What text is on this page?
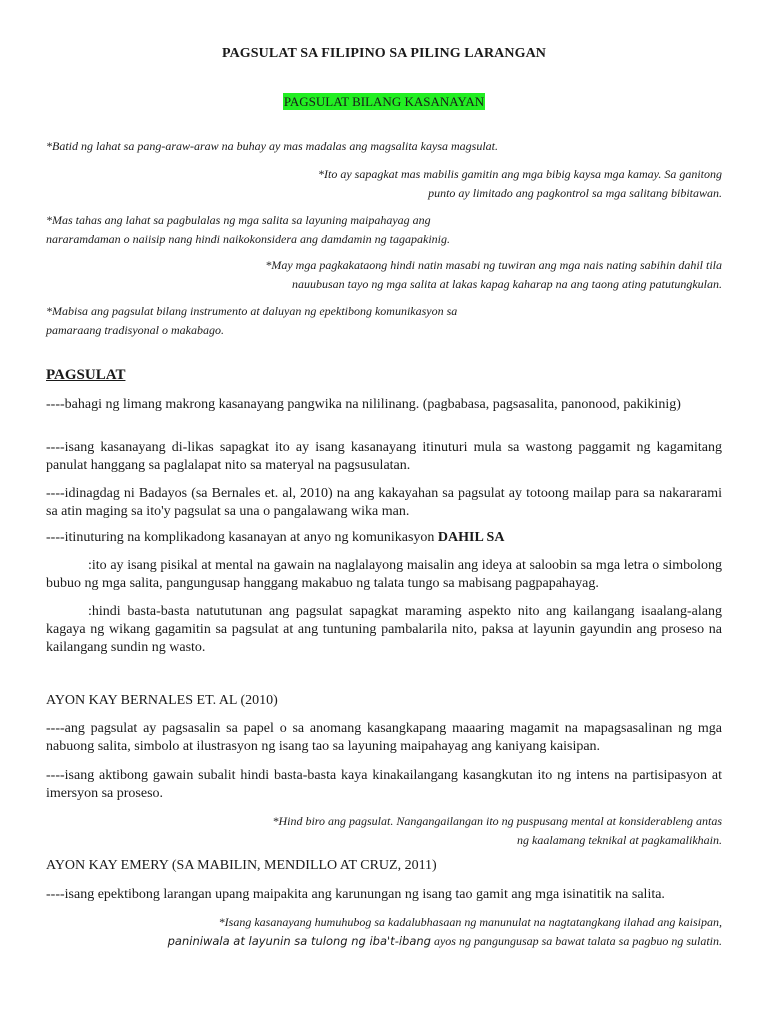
PAGSULAT SA FILIPINO SA PILING LARANGAN

PAGSULAT BILANG KASANAYAN

*Batid ng lahat sa pang-araw-araw na buhay ay mas madalas ang magsalita kaysa magsulat.

*Ito ay sapagkat mas mabilis gamitin ang mga bibig kaysa mga kamay. Sa ganitong
punto ay limitado ang pagkontrol sa mga salitang bibitawan.
*Mas tahas ang lahat sa pagbulalas ng mga salita sa layuning maipahayag ang
nararamdaman o naiisip nang hindi naikokonsidera ang damdamin ng tagapakinig.
*May mga pagkakataong hindi natin masabi ng tuwiran ang mga nais nating sabihin dahil tila
nauubusan tayo ng mga salita at lakas kapag kaharap na ang taong ating patutungkulan.
*Mabisa ang pagsulat bilang instrumento at daluyan ng epektibong komunikasyon sa
pamaraang tradisyonal o makabago.

PAGSULAT

----bahagi ng limang makrong kasanayang pangwika na nililinang. (pagbabasa, pagsasalita, panonood, pakikinig)

----isang kasanayang di-likas sapagkat ito ay isang kasanayang itinuturi mula sa wastong paggamit ng kagamitang panulat hanggang sa paglalapat nito sa materyal na pagsusulatan.

----idinagdag ni Badayos (sa Bernales et. al, 2010) na ang kakayahan sa pagsulat ay totoong mailap para sa nakararami sa atin maging sa ito'y pagsulat sa una o pangalawang wika man.

----itinuturing na komplikadong kasanayan at anyo ng komunikasyon DAHIL SA

:ito ay isang pisikal at mental na gawain na naglalayong maisalin ang ideya at saloobin sa mga letra o simbolong bubuo ng mga salita, pangungusap hanggang makabuo ng talata tungo sa mabisang pagpapahayag.

:hindi basta-basta natututunan ang pagsulat sapagkat maraming aspekto nito ang kailangang isaalang-alang kagaya ng wikang gagamitin sa pagsulat at ang tuntuning pambalarila nito, paksa at layunin gayundin ang proseso na kailangang sundin ng wasto.

AYON KAY BERNALES ET. AL (2010)

----ang pagsulat ay pagsasalin sa papel o sa anomang kasangkapang maaaring magamit na mapagsasalinan ng mga nabuong salita, simbolo at ilustrasyon ng isang tao sa layuning maipahayag ang kaniyang kaisipan.

----isang aktibong gawain subalit hindi basta-basta kaya kinakailangang kasangkutan ito ng intens na partisipasyon at imersyon sa proseso.

*Hind biro ang pagsulat. Nangangailangan ito ng puspusang mental at konsiderableng antas
ng kaalamang teknikal at pagkamalikhain.

AYON KAY EMERY (SA MABILIN, MENDILLO AT CRUZ, 2011)

----isang epektibong larangan upang maipakita ang karunungan ng isang tao gamit ang mga isinatitik na salita.

*Isang kasanayang humuhubog sa kadalubhasaan ng manunulat na nagtatangkang ilahad ang kaisipan,
paniniwala at layunin sa tulong ng iba't-ibang ayos ng pangungusap sa bawat talata sa pagbuo ng sulatin.
